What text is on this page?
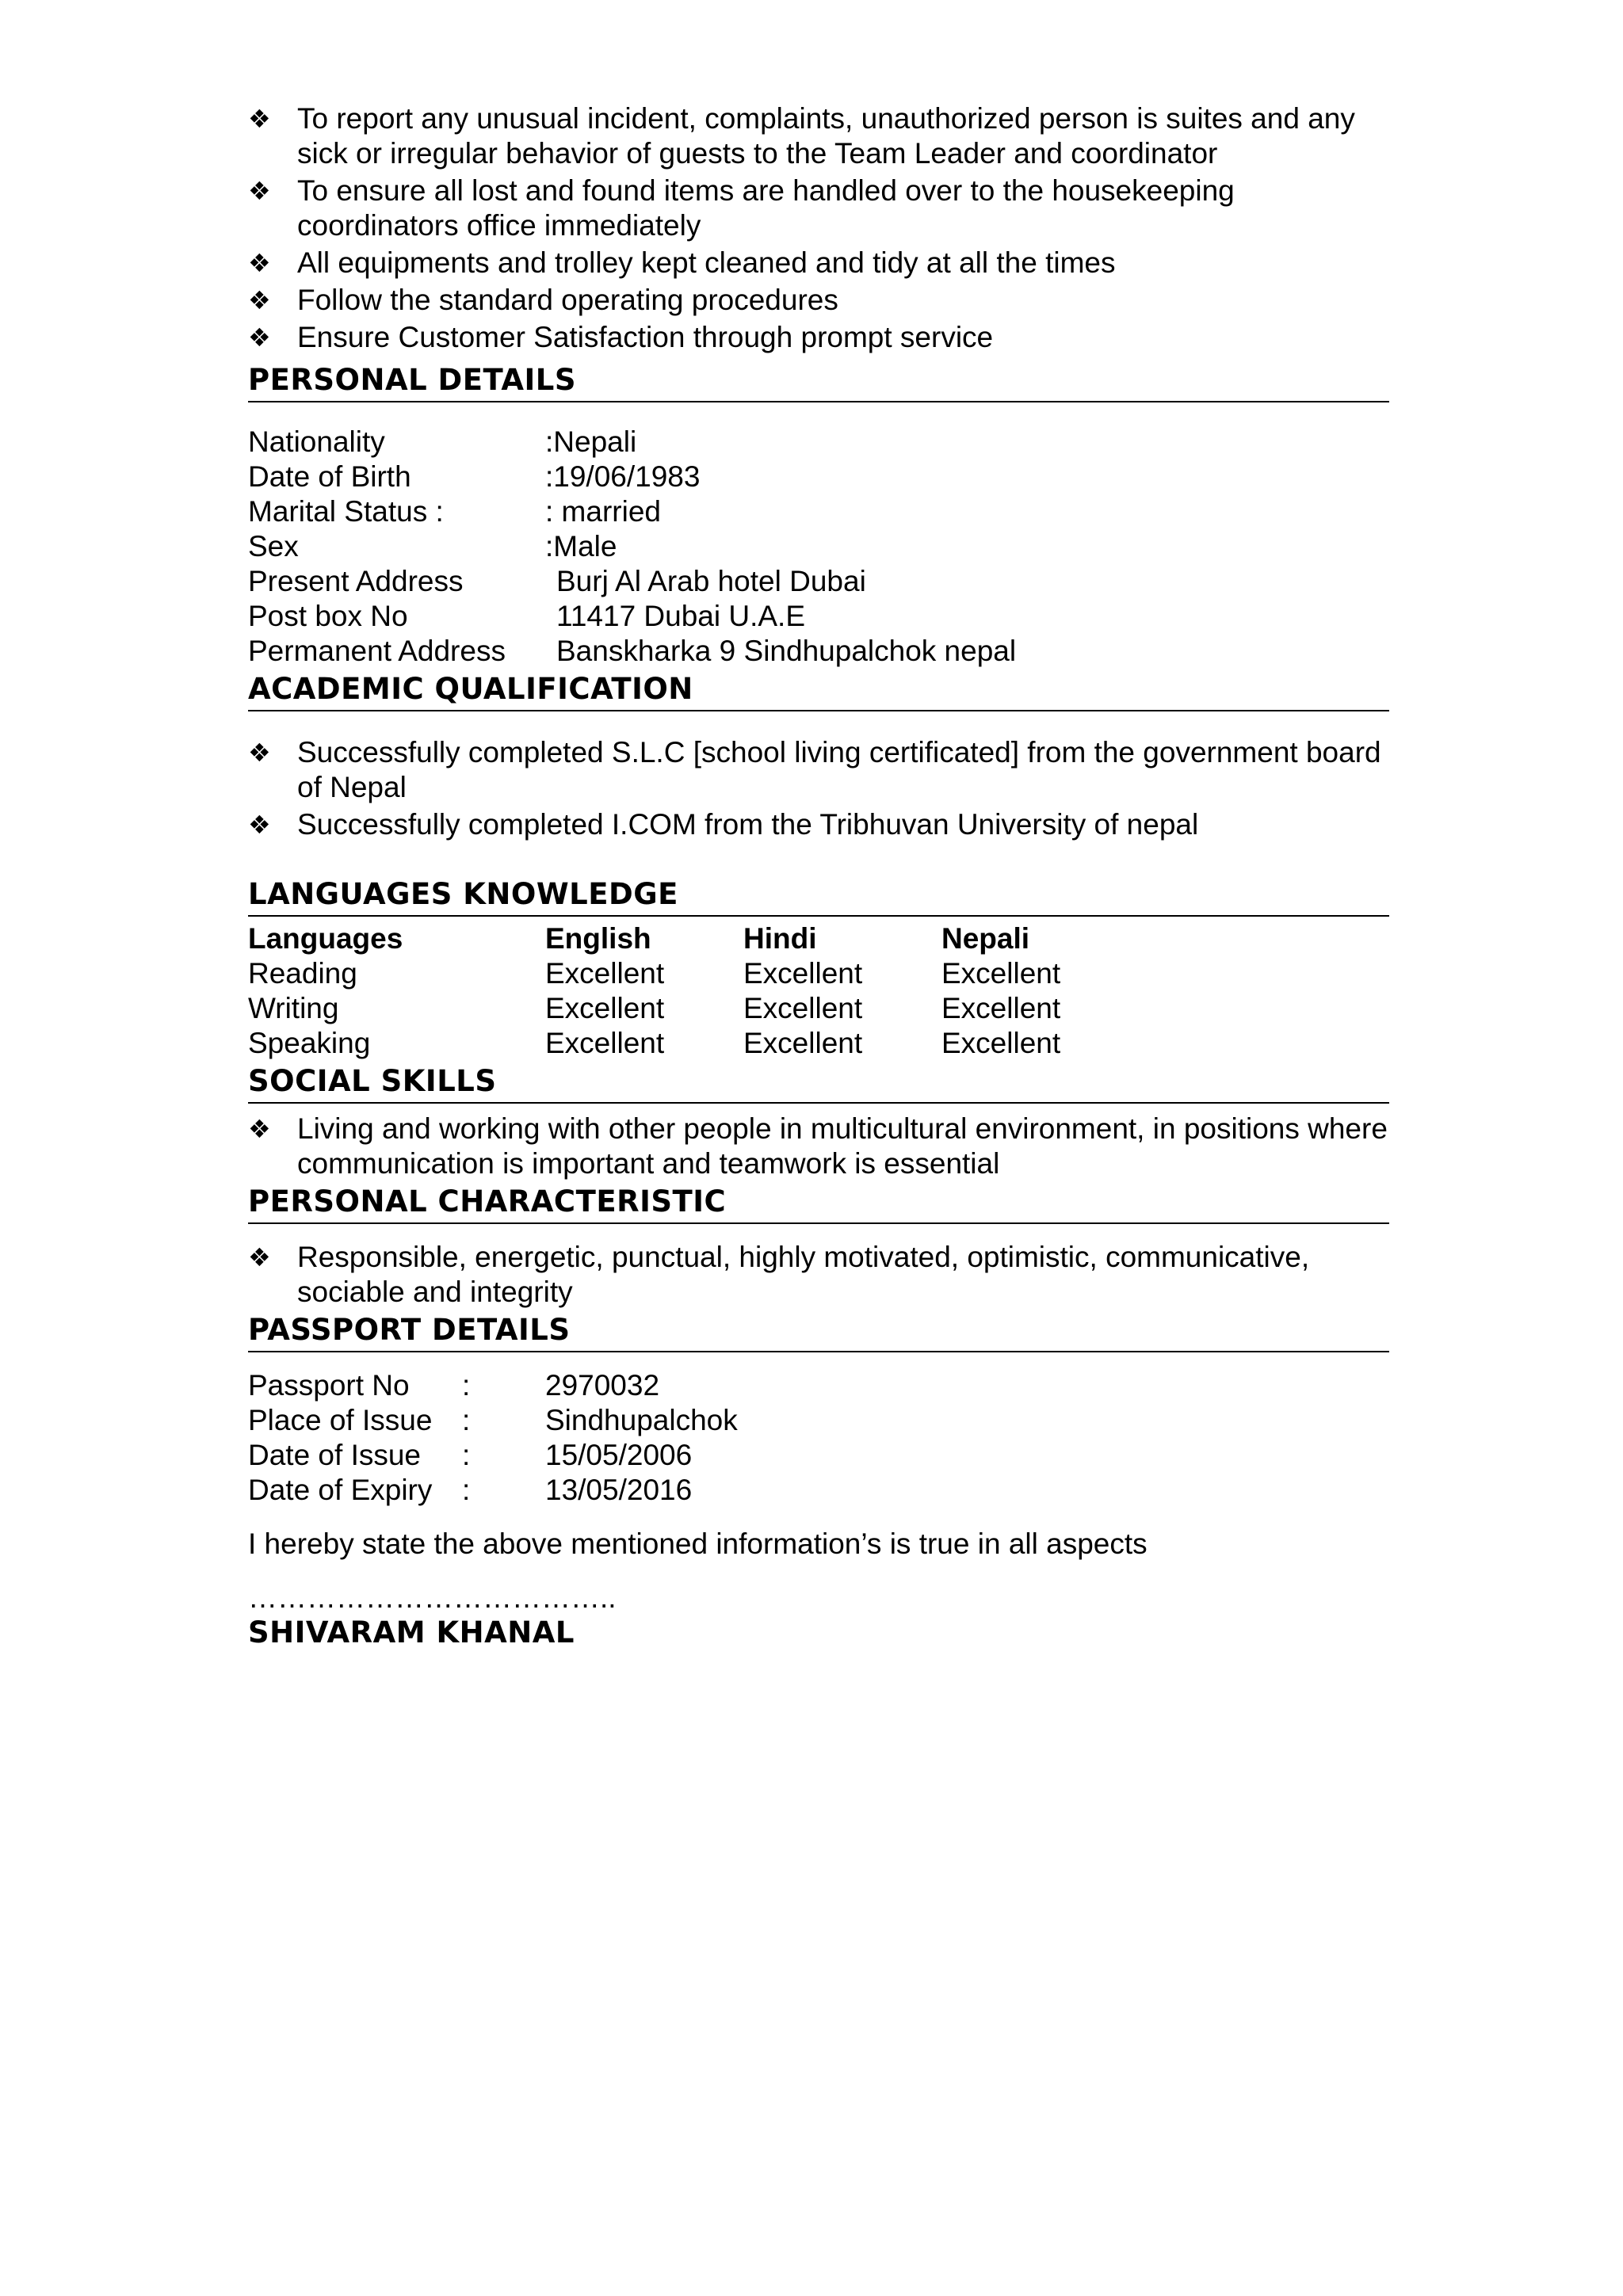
❖ To report any unusual incident, complaints, unauthorized person is suites and any sick or irregular behavior of guests to the Team Leader and coordinator
❖ To ensure all lost and found items are handled over to the housekeeping coordinators office immediately
❖ All equipments and trolley kept cleaned and tidy at all the times
❖ Follow the standard operating procedures
❖ Ensure Customer Satisfaction through prompt service
PERSONAL DETAILS
Nationality	:Nepali
Date of Birth	:19/06/1983
Marital Status :	: married
Sex	:Male
Present Address	Burj Al Arab hotel Dubai
Post box No	11417 Dubai U.A.E
Permanent Address	Banskharka 9 Sindhupalchok nepal
ACADEMIC QUALIFICATION
❖ Successfully completed S.L.C [school living certificated] from the government board of Nepal
❖ Successfully completed I.COM from the Tribhuvan University of nepal
LANGUAGES KNOWLEDGE
Languages	English	Hindi	Nepali
Reading	Excellent	Excellent	Excellent
Writing	Excellent	Excellent	Excellent
Speaking	Excellent	Excellent	Excellent
SOCIAL SKILLS
❖ Living and working with other people in multicultural environment, in positions where communication is important and teamwork is essential
PERSONAL CHARACTERISTIC
❖ Responsible, energetic, punctual, highly motivated, optimistic, communicative, sociable and integrity
PASSPORT DETAILS
Passport No	:	2970032
Place of Issue	:	Sindhupalchok
Date of Issue	:	15/05/2006
Date of Expiry	:	13/05/2016
I hereby state the above mentioned information’s is true in all aspects
………………………………..
SHIVARAM KHANAL
